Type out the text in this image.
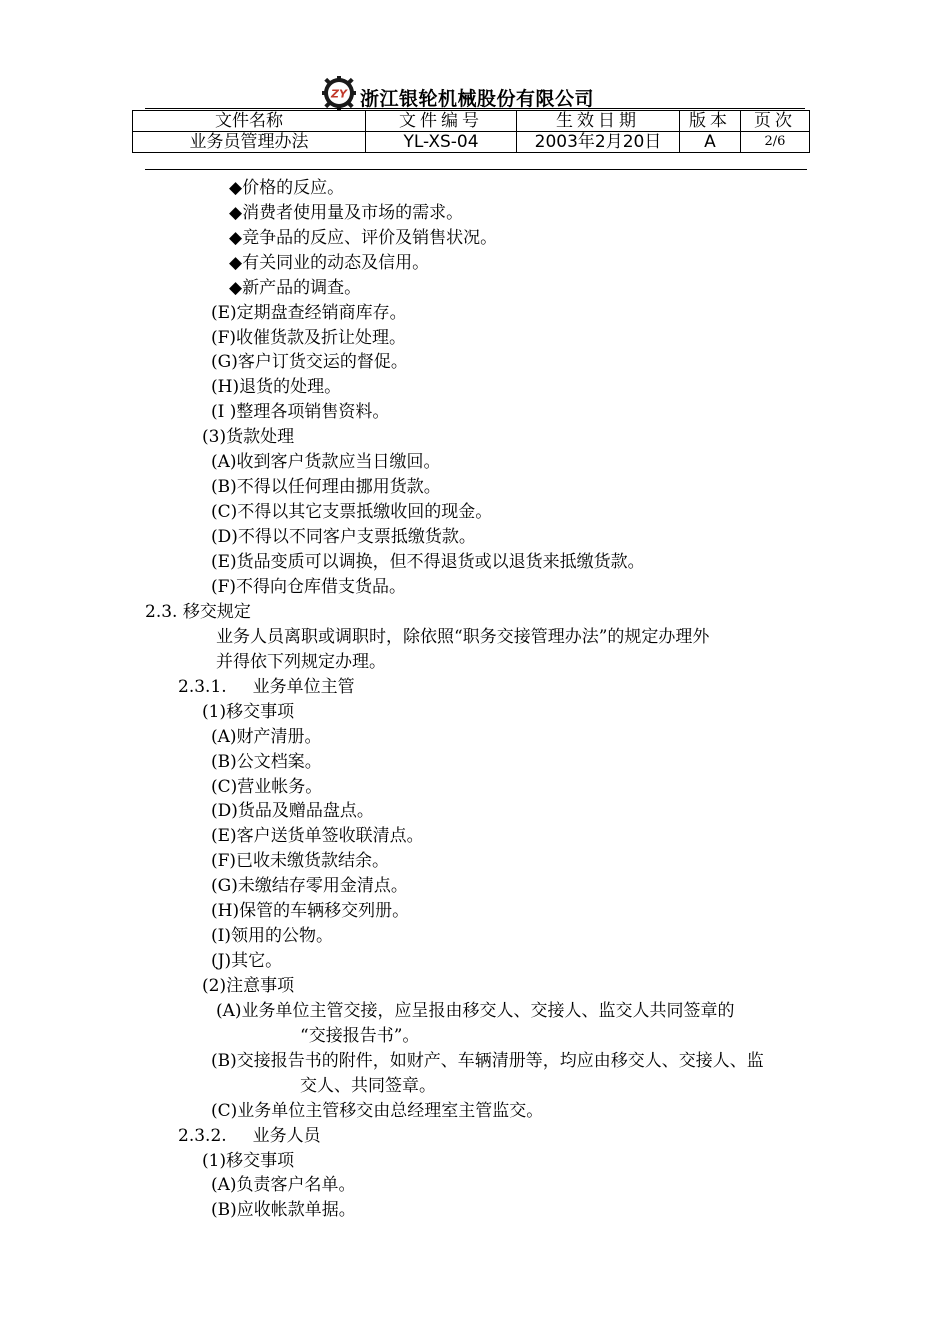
ZY 浙江银轮机械股份有限公司
文件名称	文件编号	生效日期	版本	页次
业务员管理办法	YL-XS-04	2003年2月20日	A	2/6
◆价格的反应。
◆消费者使用量及市场的需求。
◆竞争品的反应、评价及销售状况。
◆有关同业的动态及信用。
◆新产品的调查。
(E)定期盘查经销商库存。
(F)收催货款及折让处理。
(G)客户订货交运的督促。
(H)退货的处理。
(I )整理各项销售资料。
(3)货款处理
(A)收到客户货款应当日缴回。
(B)不得以任何理由挪用货款。
(C)不得以其它支票抵缴收回的现金。
(D)不得以不同客户支票抵缴货款。
(E)货品变质可以调换，但不得退货或以退货来抵缴货款。
(F)不得向仓库借支货品。
2.3. 移交规定
业务人员离职或调职时，除依照“职务交接管理办法”的规定办理外
并得依下列规定办理。
2.3.1. 业务单位主管
(1)移交事项
(A)财产清册。
(B)公文档案。
(C)营业帐务。
(D)货品及赠品盘点。
(E)客户送货单签收联清点。
(F)已收未缴货款结余。
(G)未缴结存零用金清点。
(H)保管的车辆移交列册。
(I)领用的公物。
(J)其它。
(2)注意事项
(A)业务单位主管交接，应呈报由移交人、交接人、监交人共同签章的
“交接报告书”。
(B)交接报告书的附件，如财产、车辆清册等，均应由移交人、交接人、监
交人、共同签章。
(C)业务单位主管移交由总经理室主管监交。
2.3.2. 业务人员
(1)移交事项
(A)负责客户名单。
(B)应收帐款单据。
